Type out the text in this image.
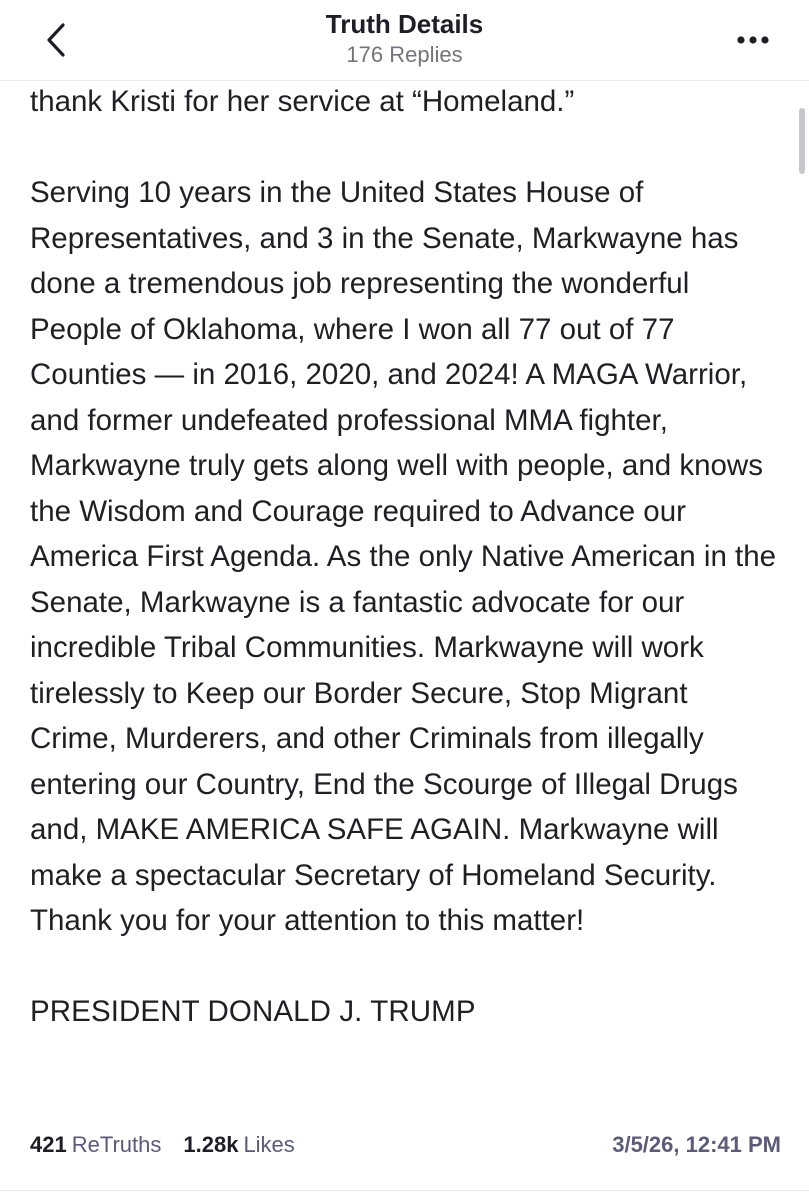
Truth Details
176 Replies

thank Kristi for her service at “Homeland.”

Serving 10 years in the United States House of Representatives, and 3 in the Senate, Markwayne has done a tremendous job representing the wonderful People of Oklahoma, where I won all 77 out of 77 Counties — in 2016, 2020, and 2024! A MAGA Warrior, and former undefeated professional MMA fighter, Markwayne truly gets along well with people, and knows the Wisdom and Courage required to Advance our America First Agenda. As the only Native American in the Senate, Markwayne is a fantastic advocate for our incredible Tribal Communities. Markwayne will work tirelessly to Keep our Border Secure, Stop Migrant Crime, Murderers, and other Criminals from illegally entering our Country, End the Scourge of Illegal Drugs and, MAKE AMERICA SAFE AGAIN. Markwayne will make a spectacular Secretary of Homeland Security. Thank you for your attention to this matter!

PRESIDENT DONALD J. TRUMP

421 ReTruths 1.28k Likes	3/5/26, 12:41 PM
